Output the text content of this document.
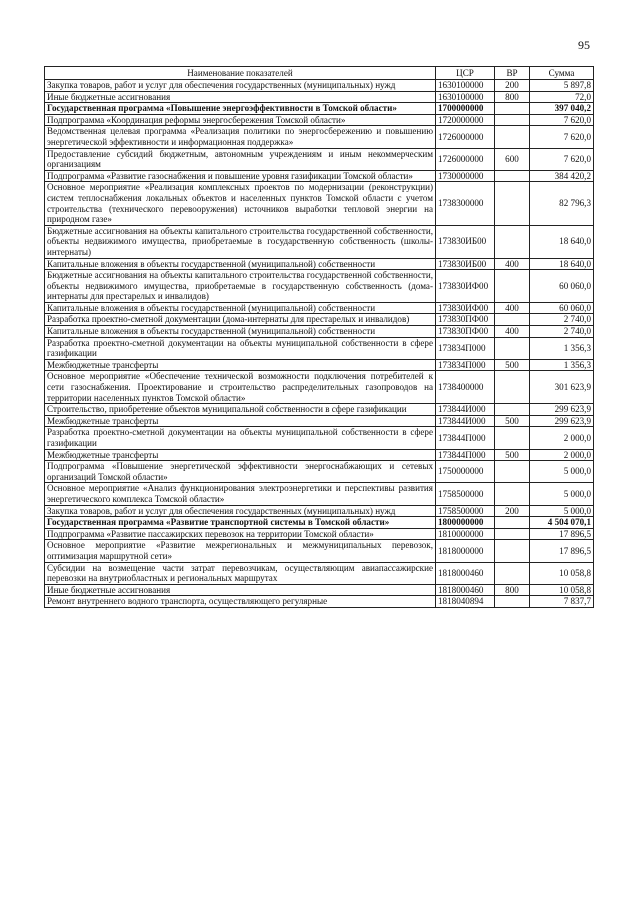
95
Наименование показателей	ЦСР	ВР	Сумма
Закупка товаров, работ и услуг для обеспечения государственных (муниципальных) нужд	1630100000	200	5 897,8
Иные бюджетные ассигнования	1630100000	800	72,0
Государственная программа «Повышение энергоэффективности в Томской области»	1700000000		397 040,2
Подпрограмма «Координация реформы энергосбережения Томской области»	1720000000		7 620,0
Ведомственная целевая программа «Реализация политики по энергосбережению и повышению энергетической эффективности и информационная поддержка»	1726000000		7 620,0
Предоставление субсидий бюджетным, автономным учреждениям и иным некоммерческим организациям	1726000000	600	7 620,0
Подпрограмма «Развитие газоснабжения и повышение уровня газификации Томской области»	1730000000		384 420,2
Основное мероприятие «Реализация комплексных проектов по модернизации (реконструкции) систем теплоснабжения локальных объектов и населенных пунктов Томской области с учетом строительства (технического перевооружения) источников выработки тепловой энергии на природном газе»	1738300000		82 796,3
Бюджетные ассигнования на объекты капитального строительства государственной собственности, объекты недвижимого имущества, приобретаемые в государственную собственность (школы-интернаты)	173830ИБ00		18 640,0
Капитальные вложения в объекты государственной (муниципальной) собственности	173830ИБ00	400	18 640,0
Бюджетные ассигнования на объекты капитального строительства государственной собственности, объекты недвижимого имущества, приобретаемые в государственную собственность (дома-интернаты для престарелых и инвалидов)	173830ИФ00		60 060,0
Капитальные вложения в объекты государственной (муниципальной) собственности	173830ИФ00	400	60 060,0
Разработка проектно-сметной документации (дома-интернаты для престарелых и инвалидов)	173830ПФ00		2 740,0
Капитальные вложения в объекты государственной (муниципальной) собственности	173830ПФ00	400	2 740,0
Разработка проектно-сметной документации на объекты муниципальной собственности в сфере газификации	173834П000		1 356,3
Межбюджетные трансферты	173834П000	500	1 356,3
Основное мероприятие «Обеспечение технической возможности подключения потребителей к сети газоснабжения. Проектирование и строительство распределительных газопроводов на территории населенных пунктов Томской области»	1738400000		301 623,9
Строительство, приобретение объектов муниципальной собственности в сфере газификации	173844И000		299 623,9
Межбюджетные трансферты	173844И000	500	299 623,9
Разработка проектно-сметной документации на объекты муниципальной собственности в сфере газификации	173844П000		2 000,0
Межбюджетные трансферты	173844П000	500	2 000,0
Подпрограмма «Повышение энергетической эффективности энергоснабжающих и сетевых организаций Томской области»	1750000000		5 000,0
Основное мероприятие «Анализ функционирования электроэнергетики и перспективы развития энергетического комплекса Томской области»	1758500000		5 000,0
Закупка товаров, работ и услуг для обеспечения государственных (муниципальных) нужд	1758500000	200	5 000,0
Государственная программа «Развитие транспортной системы в Томской области»	1800000000		4 504 070,1
Подпрограмма «Развитие пассажирских перевозок на территории Томской области»	1810000000		17 896,5
Основное мероприятие «Развитие межрегиональных и межмуниципальных перевозок, оптимизация маршрутной сети»	1818000000		17 896,5
Субсидии на возмещение части затрат перевозчикам, осуществляющим авиапассажирские перевозки на внутриобластных и региональных маршрутах	1818000460		10 058,8
Иные бюджетные ассигнования	1818000460	800	10 058,8
Ремонт внутреннего водного транспорта, осуществляющего регулярные	1818040894		7 837,7
